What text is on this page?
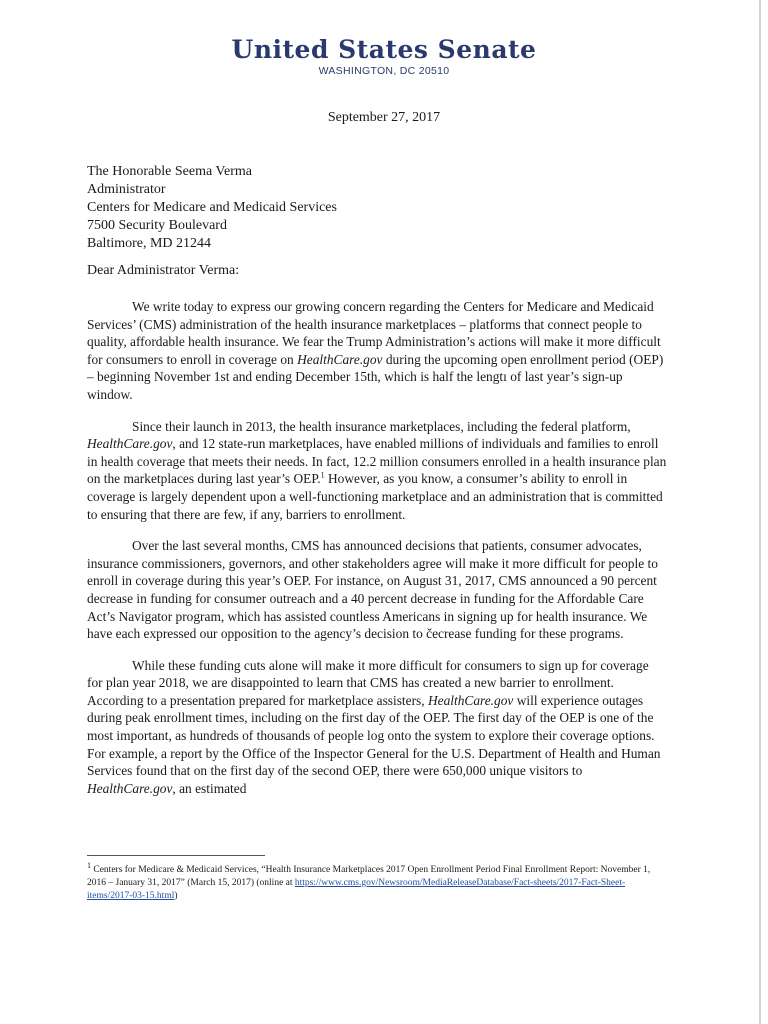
United States Senate
WASHINGTON, DC 20510
September 27, 2017
The Honorable Seema Verma
Administrator
Centers for Medicare and Medicaid Services
7500 Security Boulevard
Baltimore, MD 21244
Dear Administrator Verma:

We write today to express our growing concern regarding the Centers for Medicare and Medicaid Services’ (CMS) administration of the health insurance marketplaces – platforms that connect people to quality, affordable health insurance. We fear the Trump Administration’s actions will make it more difficult for consumers to enroll in coverage on HealthCare.gov during the upcoming open enrollment period (OEP) – beginning November 1st and ending December 15th, which is half the lengtı of last year’s sign-up window.

Since their launch in 2013, the health insurance marketplaces, including the federal platform, HealthCare.gov, and 12 state-run marketplaces, have enabled millions of individuals and families to enroll in health coverage that meets their needs. In fact, 12.2 million consumers enrolled in a health insurance plan on the marketplaces during last year’s OEP.$^1$ However, as you know, a consumer’s ability to enroll in coverage is largely dependent upon a well-functioning marketplace and an administration that is committed to ensuring that there are few, if any, barriers to enrollment.

Over the last several months, CMS has announced decisions that patients, consumer advocates, insurance commissioners, governors, and other stakeholders agree will make it more difficult for people to enroll in coverage during this year’s OEP. For instance, on August 31, 2017, CMS announced a 90 percent decrease in funding for consumer outreach and a 40 percent decrease in funding for the Affordable Care Act’s Navigator program, which has assisted countless Americans in signing up for health insurance. We have each expressed our opposition to the agency’s decision to čecrease funding for these programs.

While these funding cuts alone will make it more difficult for consumers to sign up for coverage for plan year 2018, we are disappointed to learn that CMS has created a new barrier to enrollment. According to a presentation prepared for marketplace assisters, HealthCare.gov will experience outages during peak enrollment times, including on the first day of the OEP. The first day of the OEP is one of the most important, as hundreds of thousands of people log onto the system to explore their coverage options. For example, a report by the Office of the Inspector General for the U.S. Department of Health and Human Services found that on the first day of the second OEP, there were 650,000 unique visitors to HealthCare.gov, an estimated

$^1$ Centers for Medicare & Medicaid Services, “Health Insurance Marketplaces 2017 Open Enrollment Period Final Enrollment Report: November 1, 2016 – January 31, 2017” (March 15, 2017) (online at https://www.cms.gov/Newsroom/MediaReleaseDatabase/Fact-sheets/2017-Fact-Sheet-items/2017-03-15.html)
